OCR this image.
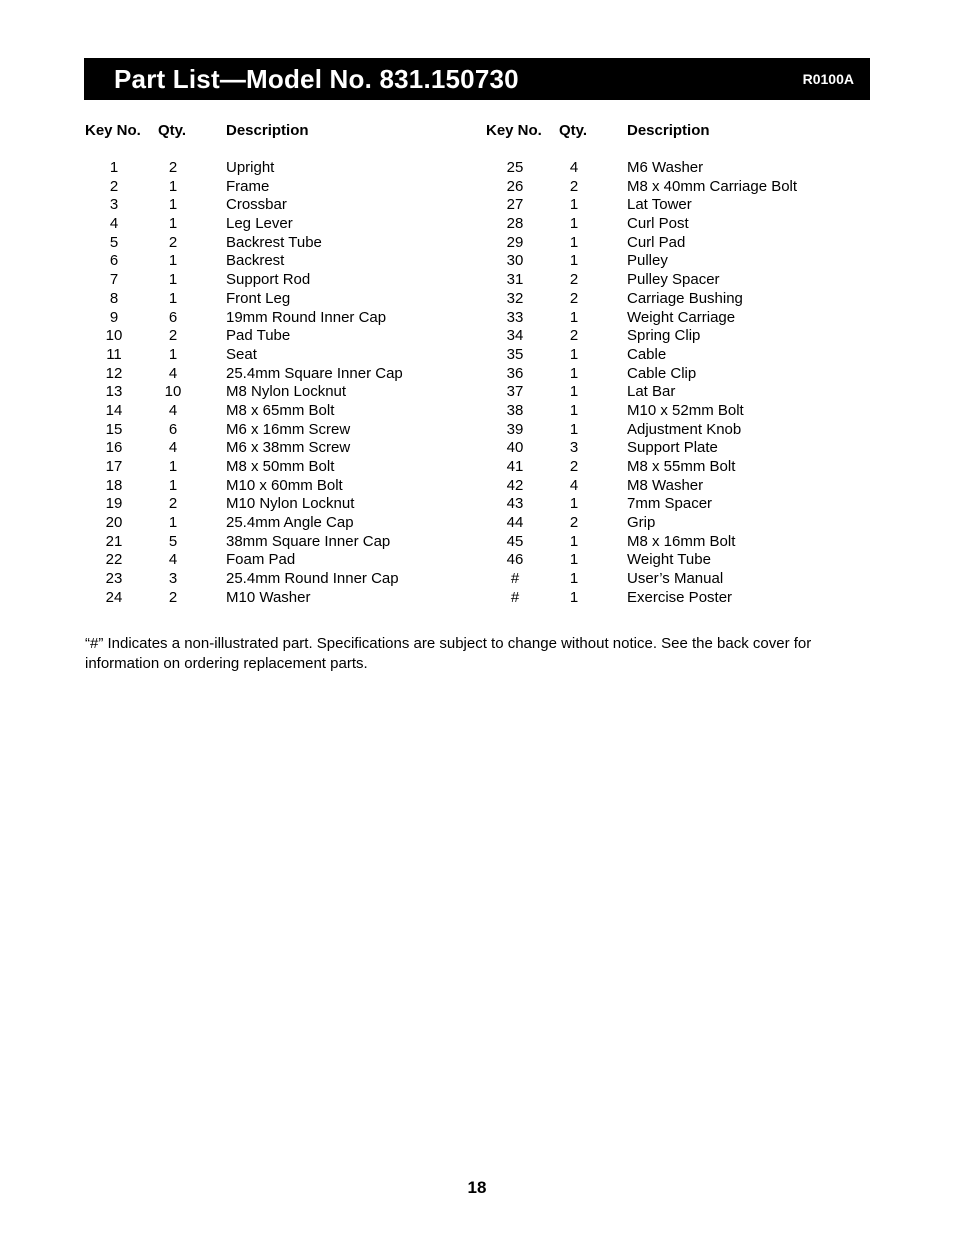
Part List—Model No. 831.150730	R0100A
Key No. Qty.	Description
1	2	Upright
2	1	Frame
3	1	Crossbar
4	1	Leg Lever
5	2	Backrest Tube
6	1	Backrest
7	1	Support Rod
8	1	Front Leg
9	6	19mm Round Inner Cap
10	2	Pad Tube
11	1	Seat
12	4	25.4mm Square Inner Cap
13	10	M8 Nylon Locknut
14	4	M8 x 65mm Bolt
15	6	M6 x 16mm Screw
16	4	M6 x 38mm Screw
17	1	M8 x 50mm Bolt
18	1	M10 x 60mm Bolt
19	2	M10 Nylon Locknut
20	1	25.4mm Angle Cap
21	5	38mm Square Inner Cap
22	4	Foam Pad
23	3	25.4mm Round Inner Cap
24	2	M10 Washer
Key No. Qty.	Description
25	4	M6 Washer
26	2	M8 x 40mm Carriage Bolt
27	1	Lat Tower
28	1	Curl Post
29	1	Curl Pad
30	1	Pulley
31	2	Pulley Spacer
32	2	Carriage Bushing
33	1	Weight Carriage
34	2	Spring Clip
35	1	Cable
36	1	Cable Clip
37	1	Lat Bar
38	1	M10 x 52mm Bolt
39	1	Adjustment Knob
40	3	Support Plate
41	2	M8 x 55mm Bolt
42	4	M8 Washer
43	1	7mm Spacer
44	2	Grip
45	1	M8 x 16mm Bolt
46	1	Weight Tube
#	1	User’s Manual
#	1	Exercise Poster
“#” Indicates a non-illustrated part. Specifications are subject to change without notice. See the back cover for information on ordering replacement parts.
18
